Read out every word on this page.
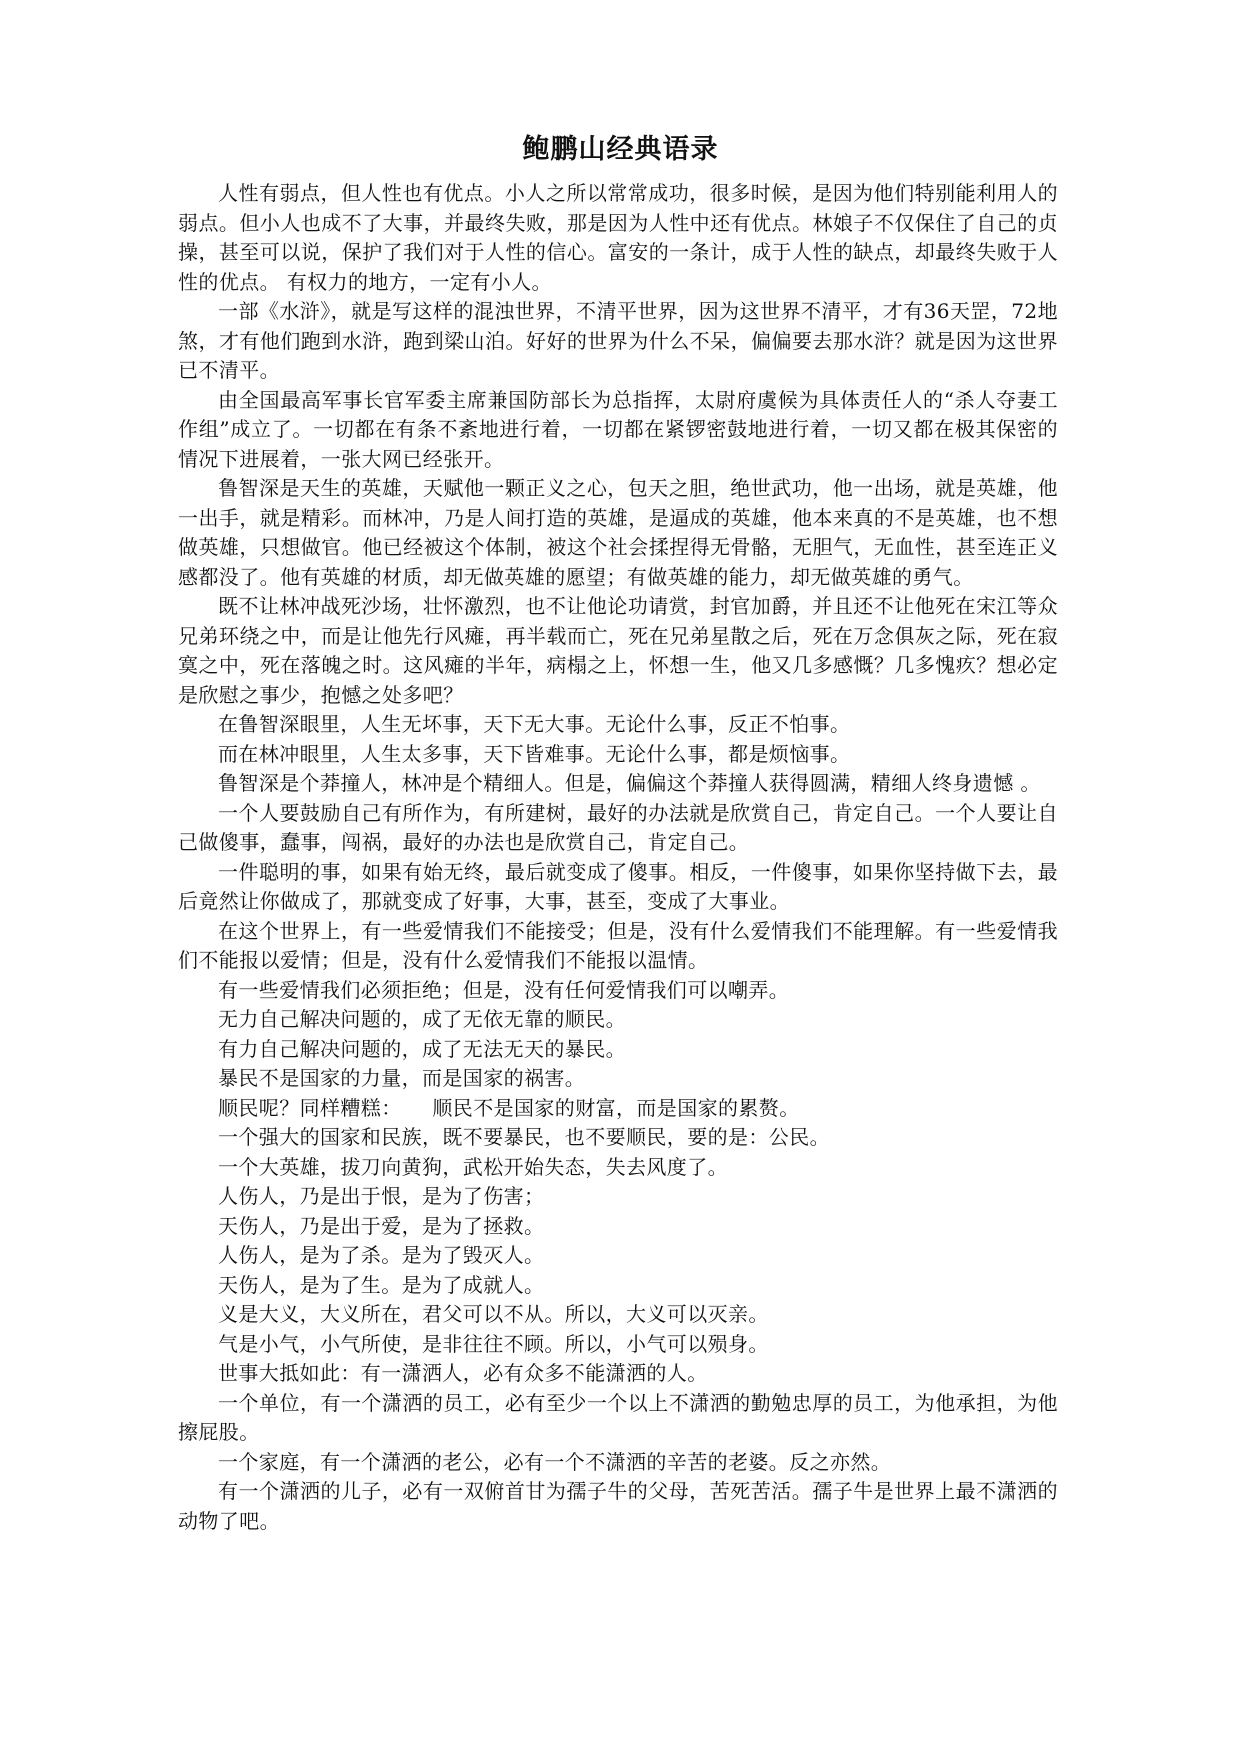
鲍鹏山经典语录

人性有弱点，但人性也有优点。小人之所以常常成功，很多时候，是因为他们特别能利用人的弱点。但小人也成不了大事，并最终失败，那是因为人性中还有优点。林娘子不仅保住了自己的贞操，甚至可以说，保护了我们对于人性的信心。富安的一条计，成于人性的缺点，却最终失败于人性的优点。 有权力的地方，一定有小人。

一部《水浒》，就是写这样的混浊世界，不清平世界，因为这世界不清平，才有36天罡，72地煞，才有他们跑到水浒，跑到梁山泊。好好的世界为什么不呆，偏偏要去那水浒？就是因为这世界已不清平。

由全国最高军事长官军委主席兼国防部长为总指挥，太尉府虞候为具体责任人的“杀人夺妻工作组”成立了。一切都在有条不紊地进行着，一切都在紧锣密鼓地进行着，一切又都在极其保密的情况下进展着，一张大网已经张开。

鲁智深是天生的英雄，天赋他一颗正义之心，包天之胆，绝世武功，他一出场，就是英雄，他一出手，就是精彩。而林冲，乃是人间打造的英雄，是逼成的英雄，他本来真的不是英雄，也不想做英雄，只想做官。他已经被这个体制，被这个社会揉捏得无骨骼，无胆气，无血性，甚至连正义感都没了。他有英雄的材质，却无做英雄的愿望；有做英雄的能力，却无做英雄的勇气。

既不让林冲战死沙场，壮怀激烈，也不让他论功请赏，封官加爵，并且还不让他死在宋江等众兄弟环绕之中，而是让他先行风瘫，再半载而亡，死在兄弟星散之后，死在万念俱灰之际，死在寂寞之中，死在落魄之时。这风瘫的半年，病榻之上，怀想一生，他又几多感慨？几多愧疚？想必定是欣慰之事少，抱憾之处多吧？

在鲁智深眼里，人生无坏事，天下无大事。无论什么事，反正不怕事。

而在林冲眼里，人生太多事，天下皆难事。无论什么事，都是烦恼事。

鲁智深是个莽撞人，林冲是个精细人。但是，偏偏这个莽撞人获得圆满，精细人终身遗憾 。

一个人要鼓励自己有所作为，有所建树，最好的办法就是欣赏自己，肯定自己。一个人要让自己做傻事，蠢事，闯祸，最好的办法也是欣赏自己，肯定自己。

一件聪明的事，如果有始无终，最后就变成了傻事。相反，一件傻事，如果你坚持做下去，最后竟然让你做成了，那就变成了好事，大事，甚至，变成了大事业。

在这个世界上，有一些爱情我们不能接受；但是，没有什么爱情我们不能理解。有一些爱情我们不能报以爱情；但是，没有什么爱情我们不能报以温情。

有一些爱情我们必须拒绝；但是，没有任何爱情我们可以嘲弄。

无力自己解决问题的，成了无依无靠的顺民。

有力自己解决问题的，成了无法无天的暴民。

暴民不是国家的力量，而是国家的祸害。

顺民呢？同样糟糕：　　顺民不是国家的财富，而是国家的累赘。

一个强大的国家和民族，既不要暴民，也不要顺民，要的是：公民。

一个大英雄，拔刀向黄狗，武松开始失态，失去风度了。

人伤人，乃是出于恨，是为了伤害；

天伤人，乃是出于爱，是为了拯救。

人伤人，是为了杀。是为了毁灭人。

天伤人，是为了生。是为了成就人。

义是大义，大义所在，君父可以不从。所以，大义可以灭亲。

气是小气，小气所使，是非往往不顾。所以，小气可以殒身。

世事大抵如此：有一潇洒人，必有众多不能潇洒的人。

一个单位，有一个潇洒的员工，必有至少一个以上不潇洒的勤勉忠厚的员工，为他承担，为他擦屁股。

一个家庭，有一个潇洒的老公，必有一个不潇洒的辛苦的老婆。反之亦然。

有一个潇洒的儿子，必有一双俯首甘为孺子牛的父母，苦死苦活。孺子牛是世界上最不潇洒的动物了吧。
